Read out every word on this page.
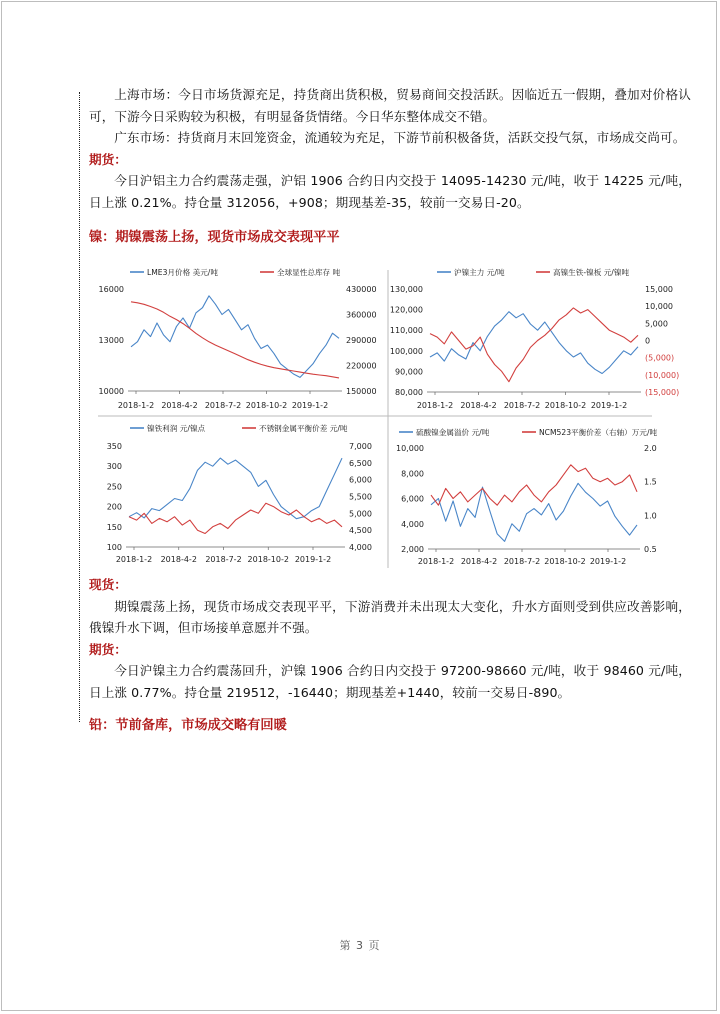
上海市场：今日市场货源充足，持货商出货积极，贸易商间交投活跃。因临近五一假期，叠加对价格认可，下游今日采购较为积极，有明显备货情绪。今日华东整体成交不错。

广东市场：持货商月末回笼资金，流通较为充足，下游节前积极备货，活跃交投气氛，市场成交尚可。

期货：

今日沪铝主力合约震荡走强，沪铝 1906 合约日内交投于 14095-14230 元/吨，收于 14225 元/吨，日上涨 0.21%。持仓量 312056，+908；期现基差-35，较前一交易日-20。

镍：期镍震荡上扬，现货市场成交表现平平

LME3月价格 美元/吨	全球显性总库存 吨
2018-1-2 2018-4-2 2018-7-2 2018-10-2 2019-1-2
16000
13000
10000
430000
360000
290000
220000
150000
沪镍主力 元/吨	高镍生铁-镍板 元/镍吨
2018-1-2 2018-4-2 2018-7-2 2018-10-2 2019-1-2
130,000
120,000
110,000
100,000
90,000
80,000
15,000
10,000
5,000
0
(5,000)
(10,000)
(15,000)
镍铁利润 元/镍点	不锈钢金属平衡价差 元/吨
2018-1-2 2018-4-2 2018-7-2 2018-10-2 2019-1-2
350
300
250
200
150
100
7,000
6,500
6,000
5,500
5,000
4,500
4,000
硫酸镍金属溢价 元/吨	NCM523平衡价差（右轴）万元/吨
2018-1-2 2018-4-2 2018-7-2 2018-10-2 2019-1-2
10,000
8,000
6,000
4,000
2,000
2.0
1.5
1.0
0.5

现货：

期镍震荡上扬，现货市场成交表现平平，下游消费并未出现太大变化，升水方面则受到供应改善影响，俄镍升水下调，但市场接单意愿并不强。

期货：

今日沪镍主力合约震荡回升，沪镍 1906 合约日内交投于 97200-98660 元/吨，收于 98460 元/吨，日上涨 0.77%。持仓量 219512，-16440；期现基差+1440，较前一交易日-890。

铅：节前备库，市场成交略有回暖

第 3 页
